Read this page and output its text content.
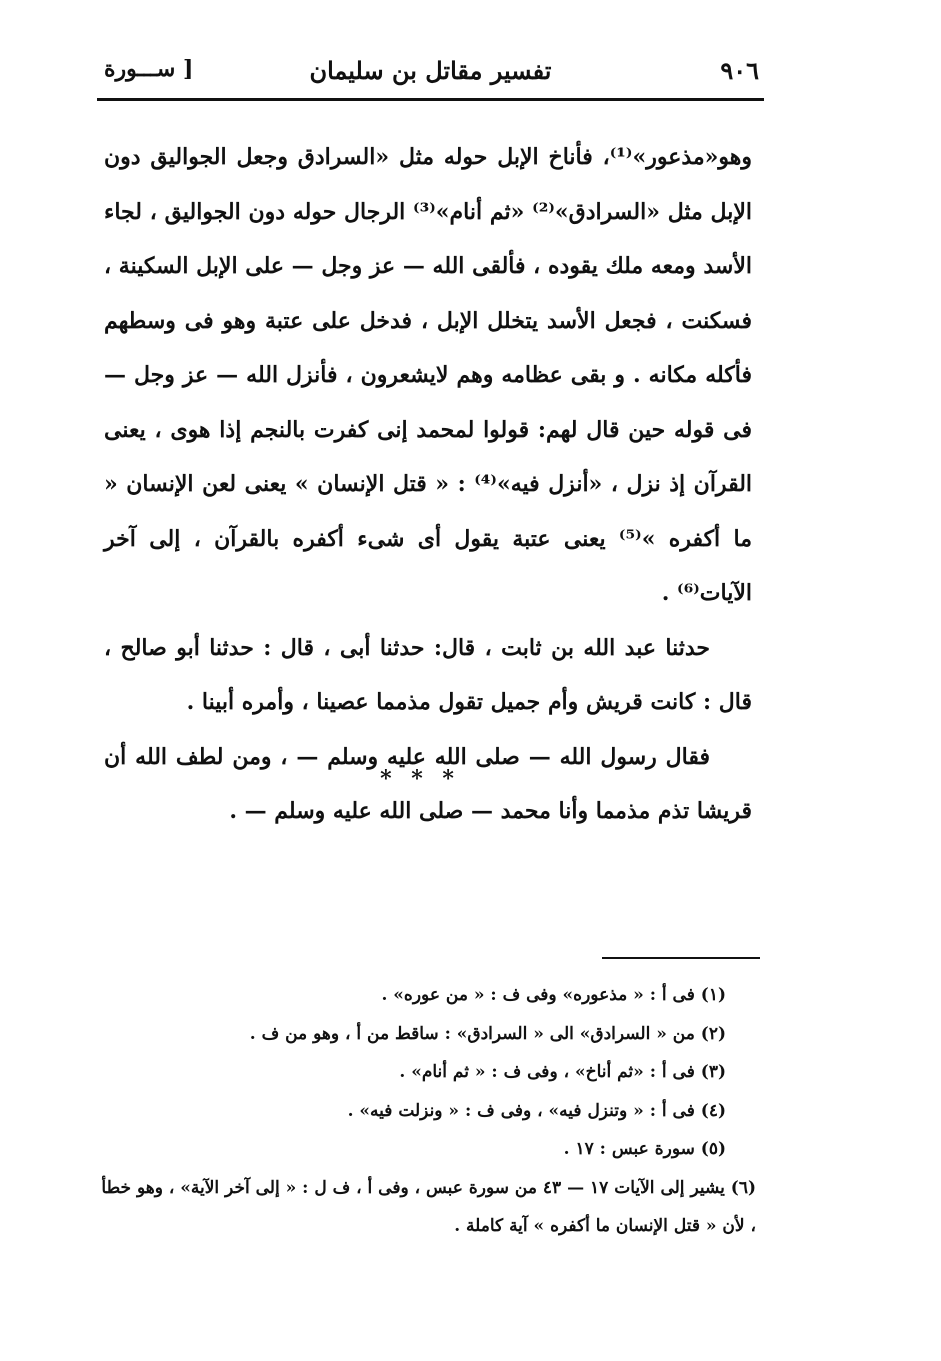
٩٠٦
تفسير مقاتل بن سليمان
[ ســـورة

وهو«مذعور»⁽¹⁾، فأناخ الإبل حوله مثل «السرادق وجعل الجواليق دون الإبل مثل «السرادق»⁽²⁾ «ثم أنام»⁽³⁾ الرجال حوله دون الجواليق ، لجاء الأسد ومعه ملك يقوده ، فألقى الله — عز وجل — على الإبل السكينة ، فسكنت ، فجعل الأسد يتخلل الإبل ، فدخل على عتبة وهو فى وسطهم فأكله مكانه . و بقى عظامه وهم لايشعرون ، فأنزل الله — عز وجل — فى قوله حين قال لهم: قولوا لمحمد إنى كفرت بالنجم إذا هوى ، يعنى القرآن إذ نزل ، «أنزل فيه»⁽⁴⁾ : « قتل الإنسان » يعنى لعن الإنسان « ما أكفره »⁽⁵⁾ يعنى عتبة يقول أى شىء أكفره بالقرآن ، إلى آخر الآيات⁽⁶⁾ .

حدثنا عبد الله بن ثابت ، قال: حدثنا أبى ، قال : حدثنا أبو صالح ، قال : كانت قريش وأم جميل تقول مذمما عصينا ، وأمره أبينا .

فقال رسول الله — صلى الله عليه وسلم — ، ومن لطف الله أن قريشا تذم مذمما وأنا محمد — صلى الله عليه وسلم — .

* * *

(١) فى أ : « مذعوره» وفى ف : « من عوره» .

(٢) من « السرادق» الى « السرادق» : ساقط من أ ، وهو من ف .

(٣) فى أ : «ثم أناخ» ، وفى ف : « ثم أنام» .

(٤) فى أ : « وتنزل فيه» ، وفى ف : « ونزلت فيه» .

(٥) سورة عبس : ١٧ .

(٦) يشير إلى الآيات ١٧ — ٤٣ من سورة عبس ، وفى أ ، ف ل : « إلى آخر الآية» ، وهو خطأ ، لأن « قتل الإنسان ما أكفره » آية كاملة .
